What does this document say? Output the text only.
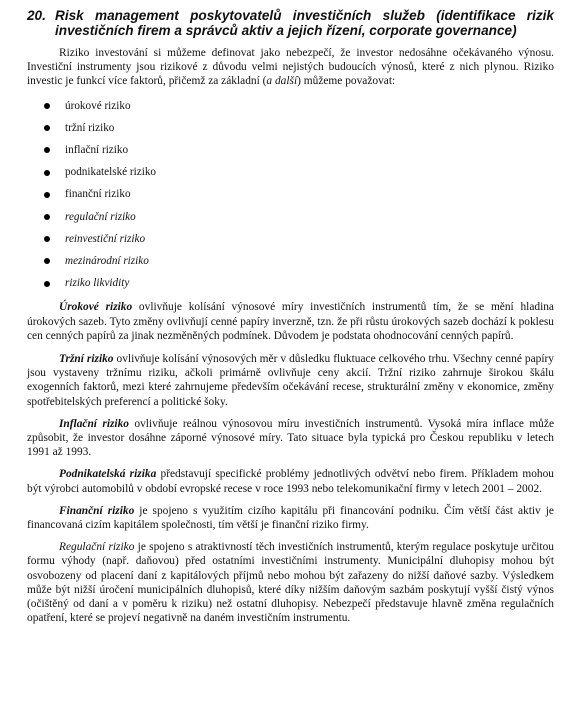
20. Risk management poskytovatelů investičních služeb (identifikace rizik investičních firem a správců aktiv a jejich řízení, corporate governance)

Riziko investování si můžeme definovat jako nebezpečí, že investor nedosáhne očekávaného výnosu. Investiční instrumenty jsou rizikové z důvodu velmi nejistých budoucích výnosů, které z nich plynou. Riziko investic je funkcí více faktorů, přičemž za základní (a další) můžeme považovat:

úrokové riziko
tržní riziko
inflační riziko
podnikatelské riziko
finanční riziko
regulační riziko
reinvestiční riziko
mezinárodní riziko
riziko likvidity

Úrokové riziko ovlivňuje kolísání výnosové míry investičních instrumentů tím, že se mění hladina úrokových sazeb. Tyto změny ovlivňují cenné papíry inverzně, tzn. že při růstu úrokových sazeb dochází k poklesu cen cenných papírů za jinak nezměněných podmínek. Důvodem je podstata ohodnocování cenných papírů.

Tržní riziko ovlivňuje kolísání výnosových měr v důsledku fluktuace celkového trhu. Všechny cenné papíry jsou vystaveny tržnímu riziku, ačkoli primárně ovlivňuje ceny akcií. Tržní riziko zahrnuje širokou škálu exogenních faktorů, mezi které zahrnujeme především očekávání recese, strukturální změny v ekonomice, změny spotřebitelských preferencí a politické šoky.

Inflační riziko ovlivňuje reálnou výnosovou míru investičních instrumentů. Vysoká míra inflace může způsobit, že investor dosáhne záporné výnosové míry. Tato situace byla typická pro Českou republiku v letech 1991 až 1993.

Podnikatelská rizika představují specifické problémy jednotlivých odvětví nebo firem. Příkladem mohou být výrobci automobilů v období evropské recese v roce 1993 nebo telekomunikační firmy v letech 2001 – 2002.

Finanční riziko je spojeno s využitím cizího kapitálu při financování podniku. Čím větší část aktiv je financovaná cizím kapitálem společnosti, tím větší je finanční riziko firmy.

Regulační riziko je spojeno s atraktivností těch investičních instrumentů, kterým regulace poskytuje určitou formu výhody (např. daňovou) před ostatními investičními instrumenty. Municipální dluhopisy mohou být osvobozeny od placení daní z kapitálových příjmů nebo mohou být zařazeny do nižší daňové sazby. Výsledkem může být nižší úročení municipálních dluhopisů, které díky nižším daňovým sazbám poskytují vyšší čistý výnos (očištěný od daní a v poměru k riziku) než ostatní dluhopisy. Nebezpečí představuje hlavně změna regulačních opatření, které se projeví negativně na daném investičním instrumentu.
